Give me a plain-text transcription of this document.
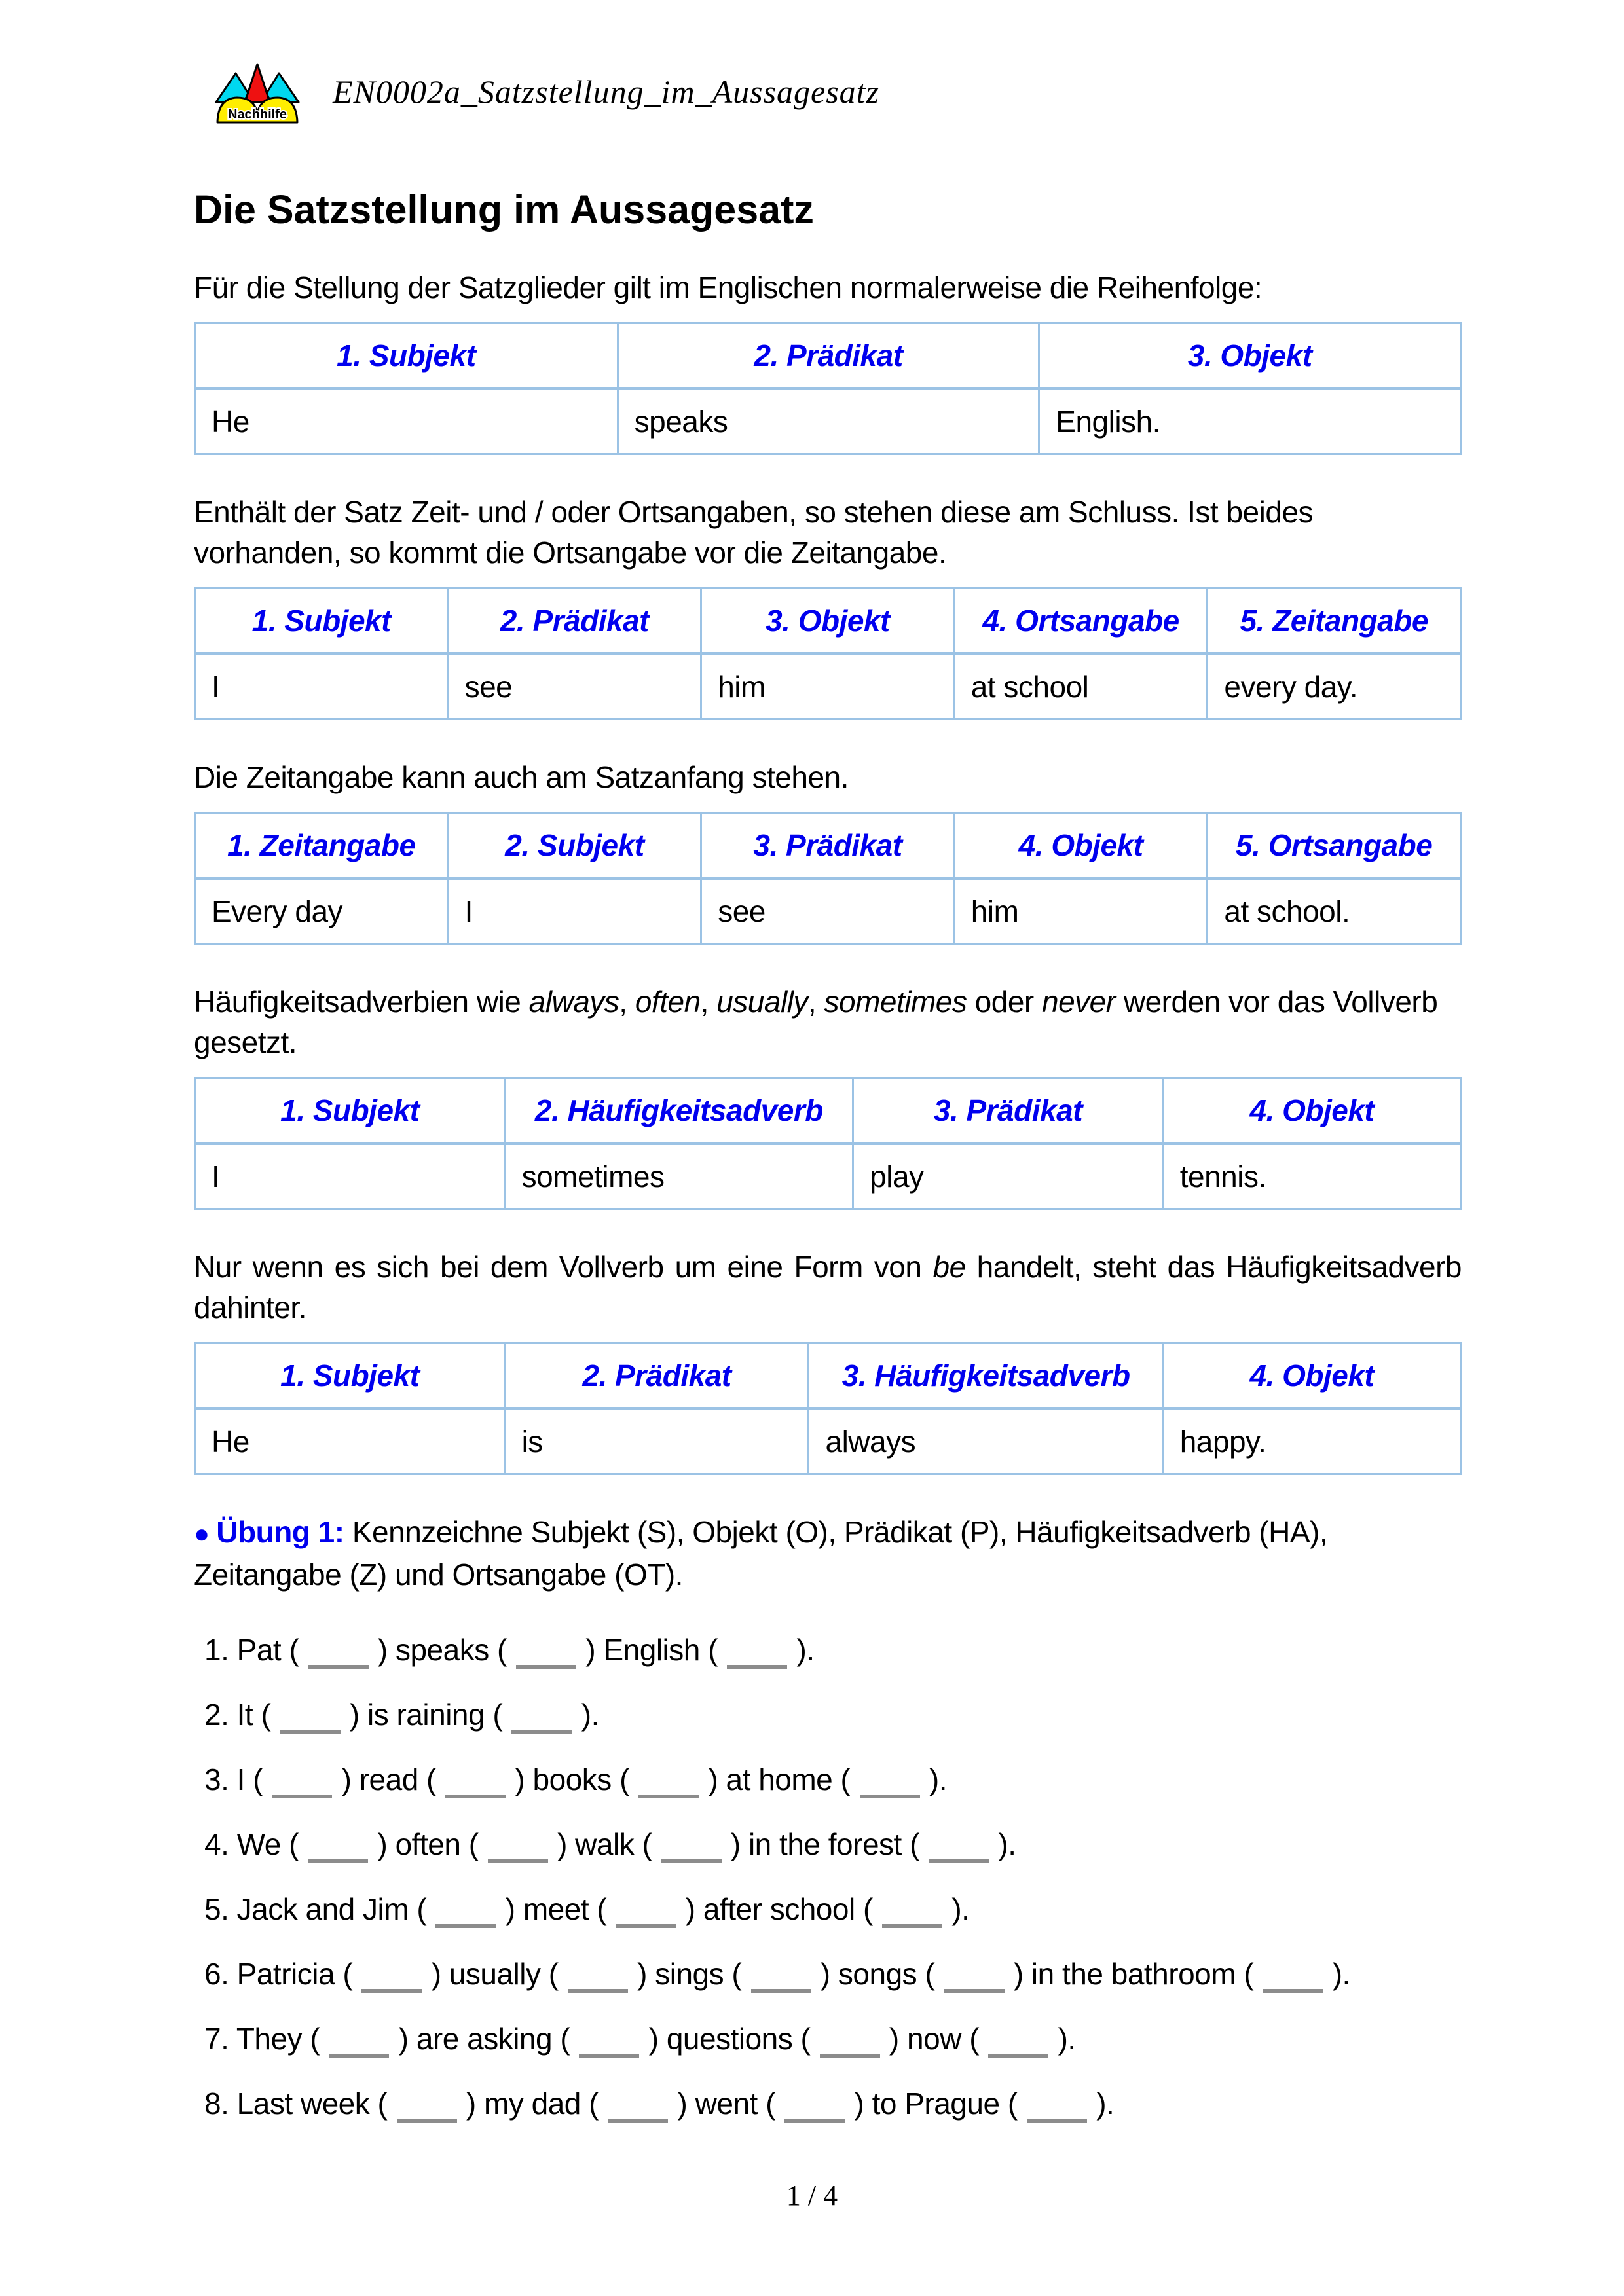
Nachhilfe
EN0002a_Satzstellung_im_Aussagesatz
Die Satzstellung im Aussagesatz

Für die Stellung der Satzglieder gilt im Englischen normalerweise die Reihenfolge:

1. Subjekt	2. Prädikat	3. Objekt
He	speaks	English.

Enthält der Satz Zeit- und / oder Ortsangaben, so stehen diese am Schluss. Ist beides vorhanden, so kommt die Ortsangabe vor die Zeitangabe.

1. Subjekt	2. Prädikat	3. Objekt	4. Ortsangabe	5. Zeitangabe
I	see	him	at school	every day.

Die Zeitangabe kann auch am Satzanfang stehen.

1. Zeitangabe	2. Subjekt	3. Prädikat	4. Objekt	5. Ortsangabe
Every day	I	see	him	at school.

Häufigkeitsadverbien wie always, often, usually, sometimes oder never werden vor das Vollverb gesetzt.

1. Subjekt	2. Häufigkeitsadverb	3. Prädikat	4. Objekt
I	sometimes	play	tennis.

Nur wenn es sich bei dem Vollverb um eine Form von be handelt, steht das Häufigkeitsadverb dahinter.

1. Subjekt	2. Prädikat	3. Häufigkeitsadverb	4. Objekt
He	is	always	happy.

● Übung 1: Kennzeichne Subjekt (S), Objekt (O), Prädikat (P), Häufigkeitsadverb (HA), Zeitangabe (Z) und Ortsangabe (OT).

1. Pat (  ) speaks (  ) English (  ).
2. It (  ) is raining (  ).
3. I (  ) read (  ) books (  ) at home (  ).
4. We (  ) often (  ) walk (  ) in the forest (  ).
5. Jack and Jim (  ) meet (  ) after school (  ).
6. Patricia (  ) usually (  ) sings (  ) songs (  ) in the bathroom (  ).
7. They (  ) are asking (  ) questions (  ) now (  ).
8. Last week (  ) my dad (  ) went (  ) to Prague (  ).
1 / 4
